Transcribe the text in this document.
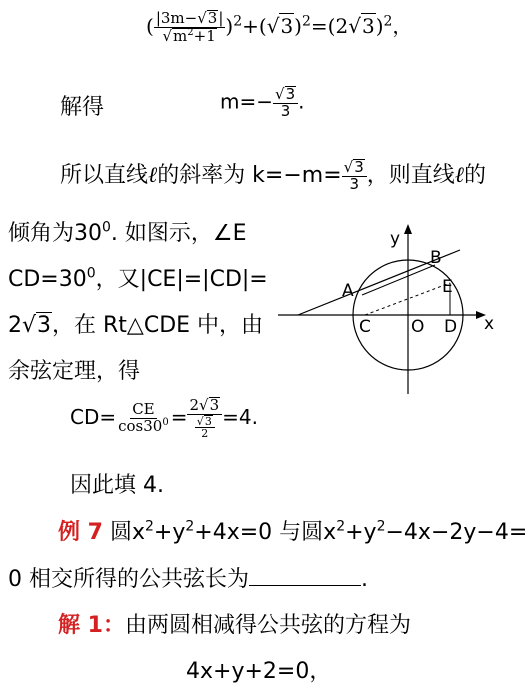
( $\frac{|3m- √ 3 |}{√ m^2+1} )^2+$( √ 3 )$^2$=(2 √ 3 )$^2$，
解得	$m=- \frac{√ 3}{3}$ .
所以直线ℓ的斜率为 $k=-m= \frac{√ 3}{3}$ ，则直线ℓ的
倾角为$30^0$. 如图示，∠E
$CD=30^0$，又|CE|=|CD|=
2 √ 3 ，在 Rt△CDE 中，由
余弦定理，得
y
x
A
B
C	D
E
O
$CD= \frac{CE}{\cos 30^0} = \frac{2 √ 3}{\frac{√ 3}{2}} =4$.
因此填 4.
例 7 圆$x^2+y^2+4x=0$ 与圆$x^2+y^2-4x-2y-4=$
0 相交所得的公共弦长为	.
解 1：由两圆相减得公共弦的方程为
4x+y+2=0，
